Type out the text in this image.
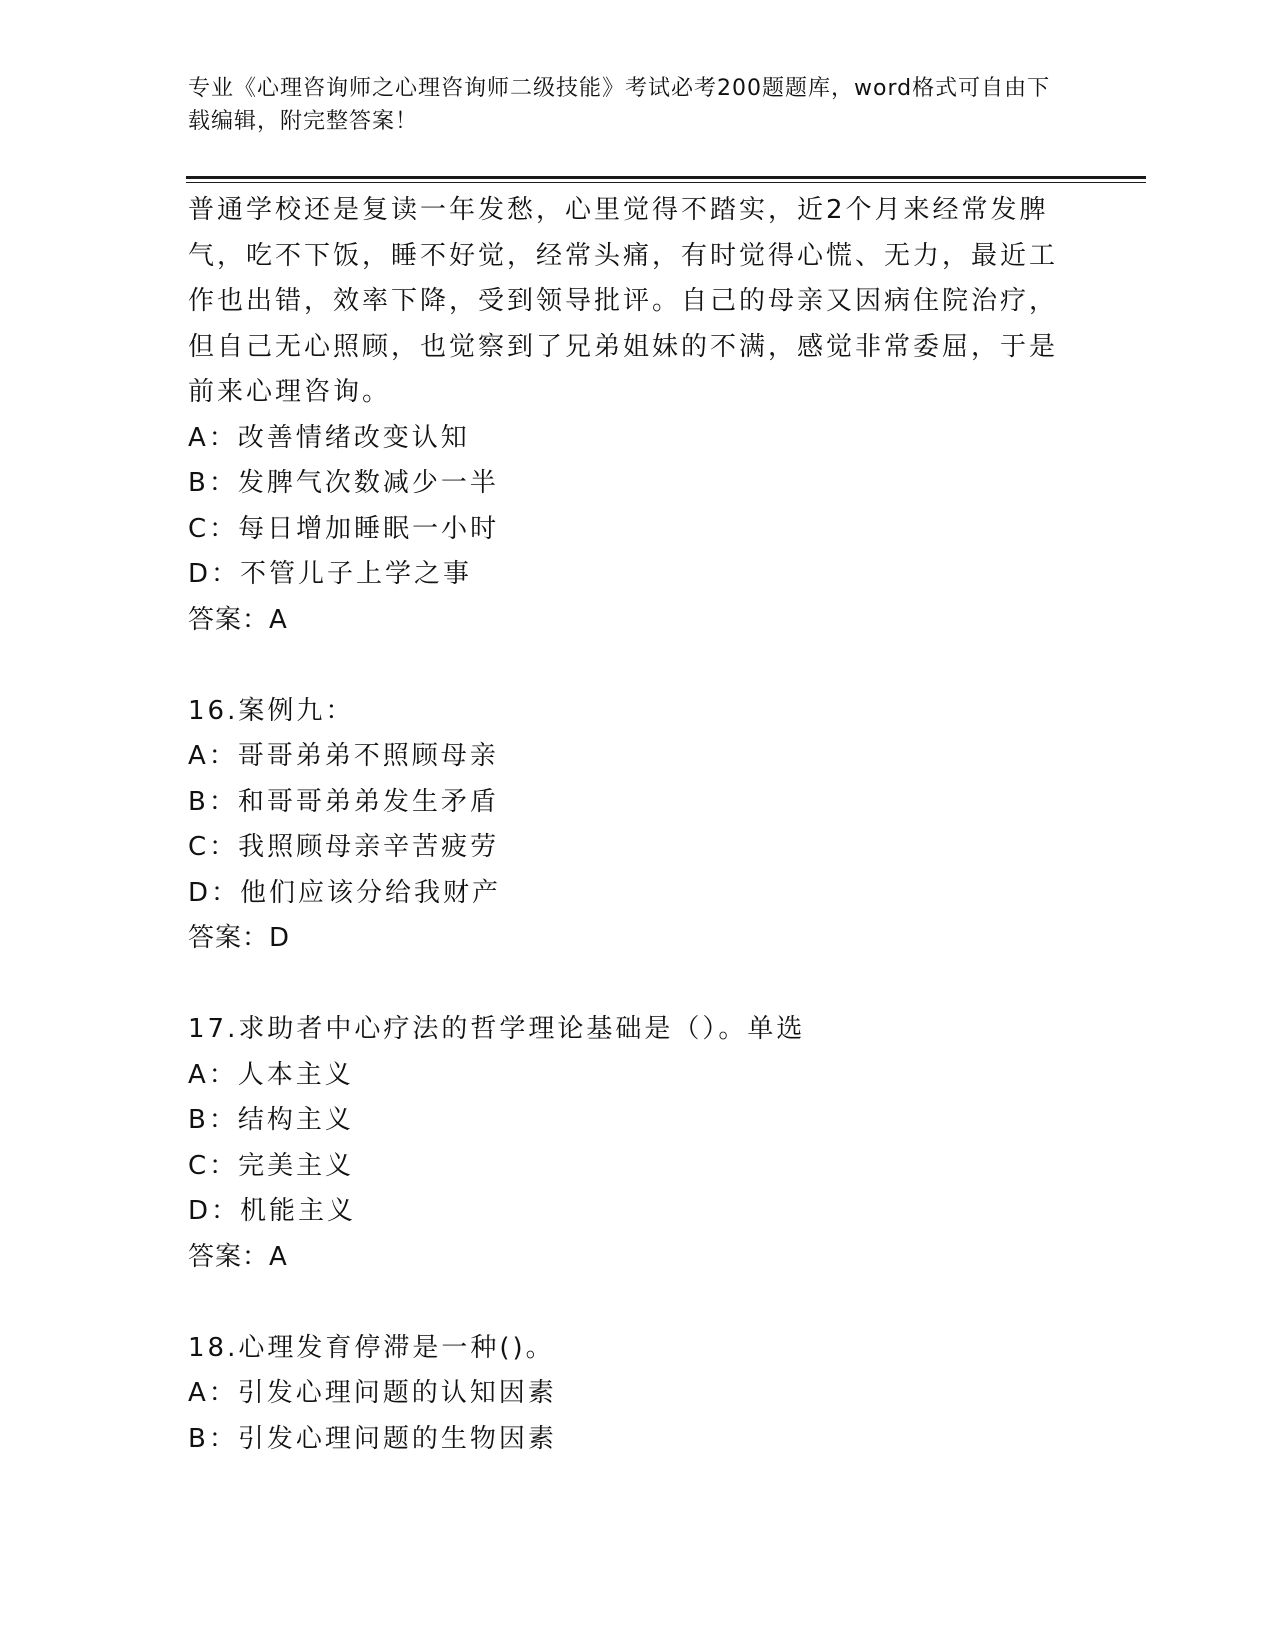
专业《心理咨询师之心理咨询师二级技能》考试必考200题题库，word格式可自由下载编辑，附完整答案！

普通学校还是复读一年发愁，心里觉得不踏实，近2个月来经常发脾气，吃不下饭，睡不好觉，经常头痛，有时觉得心慌、无力，最近工作也出错，效率下降，受到领导批评。自己的母亲又因病住院治疗，但自己无心照顾，也觉察到了兄弟姐妹的不满，感觉非常委屈，于是前来心理咨询。

A：改善情绪改变认知
B：发脾气次数减少一半
C：每日增加睡眠一小时
D：不管儿子上学之事
答案：A
16.案例九：
A：哥哥弟弟不照顾母亲
B：和哥哥弟弟发生矛盾
C：我照顾母亲辛苦疲劳
D：他们应该分给我财产
答案：D
17.求助者中心疗法的哲学理论基础是（）。单选
A：人本主义
B：结构主义
C：完美主义
D：机能主义
答案：A
18.心理发育停滞是一种()。
A：引发心理问题的认知因素
B：引发心理问题的生物因素
